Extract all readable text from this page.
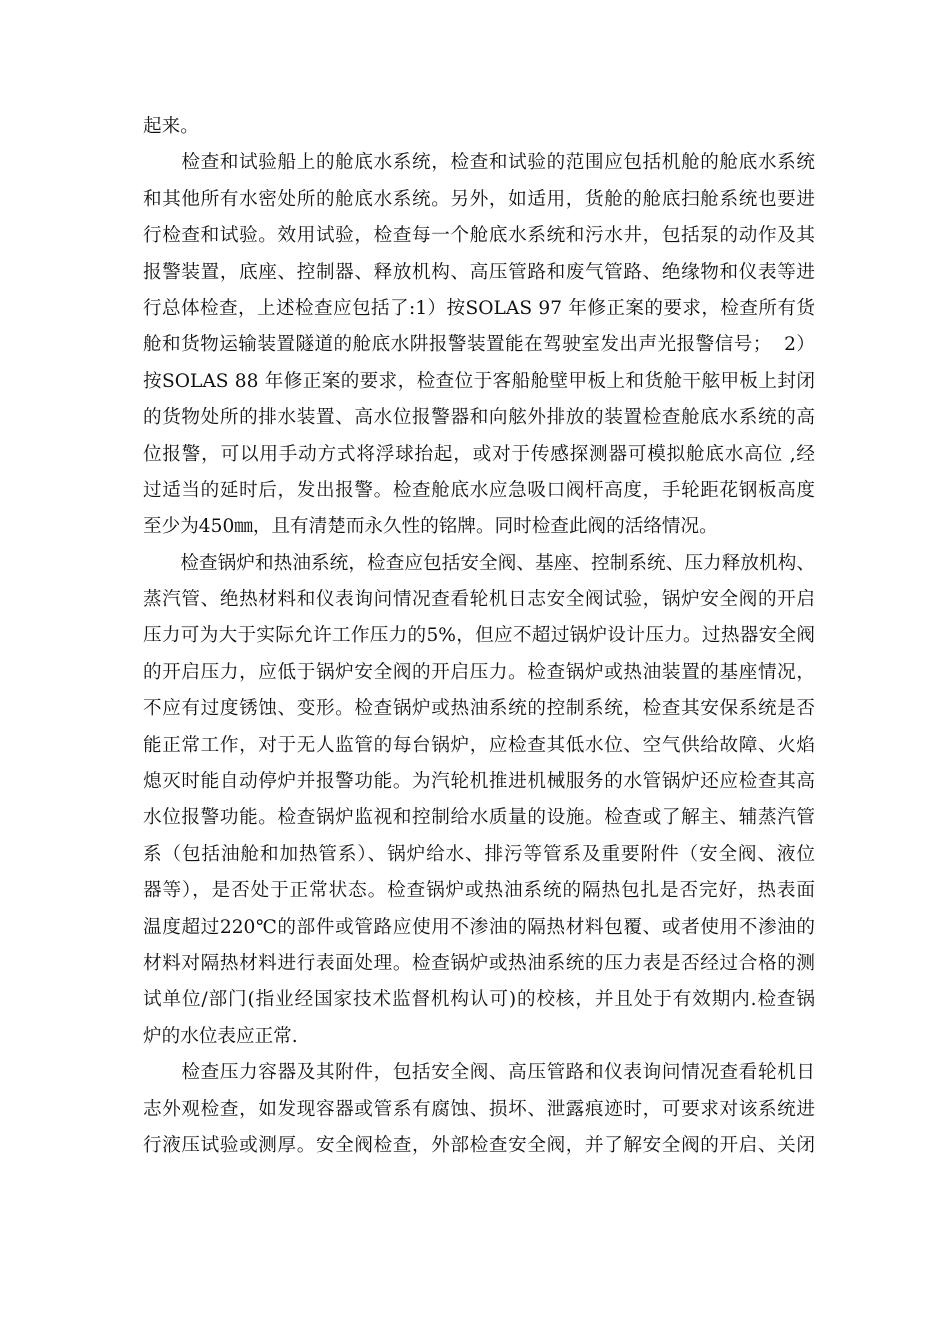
起来。
　　检查和试验船上的舱底水系统，检查和试验的范围应包括机舱的舱底水系统
和其他所有水密处所的舱底水系统。另外，如适用，货舱的舱底扫舱系统也要进
行检查和试验。效用试验，检查每一个舱底水系统和污水井，包括泵的动作及其
报警装置，底座、控制器、释放机构、高压管路和废气管路、绝缘物和仪表等进
行总体检查，上述检查应包括了:1）按SOLAS 97 年修正案的要求，检查所有货
舱和货物运输装置隧道的舱底水阱报警装置能在驾驶室发出声光报警信号；  2）
按SOLAS 88 年修正案的要求，检查位于客船舱壁甲板上和货舱干舷甲板上封闭
的货物处所的排水装置、高水位报警器和向舷外排放的装置检查舱底水系统的高
位报警，可以用手动方式将浮球抬起，或对于传感探测器可模拟舱底水高位 ,经
过适当的延时后，发出报警。检查舱底水应急吸口阀杆高度，手轮距花钢板高度
至少为450㎜，且有清楚而永久性的铭牌。同时检查此阀的活络情况。
　　检查锅炉和热油系统，检查应包括安全阀、基座、控制系统、压力释放机构、
蒸汽管、绝热材料和仪表询问情况查看轮机日志安全阀试验，锅炉安全阀的开启
压力可为大于实际允许工作压力的5%，但应不超过锅炉设计压力。过热器安全阀
的开启压力，应低于锅炉安全阀的开启压力。检查锅炉或热油装置的基座情况，
不应有过度锈蚀、变形。检查锅炉或热油系统的控制系统，检查其安保系统是否
能正常工作，对于无人监管的每台锅炉，应检查其低水位、空气供给故障、火焰
熄灭时能自动停炉并报警功能。为汽轮机推进机械服务的水管锅炉还应检查其高
水位报警功能。检查锅炉监视和控制给水质量的设施。检查或了解主、辅蒸汽管
系（包括油舱和加热管系）、锅炉给水、排污等管系及重要附件（安全阀、液位
器等），是否处于正常状态。检查锅炉或热油系统的隔热包扎是否完好，热表面
温度超过220℃的部件或管路应使用不渗油的隔热材料包覆、或者使用不渗油的
材料对隔热材料进行表面处理。检查锅炉或热油系统的压力表是否经过合格的测
试单位/部门(指业经国家技术监督机构认可)的校核，并且处于有效期内.检查锅
炉的水位表应正常.
　　检查压力容器及其附件，包括安全阀、高压管路和仪表询问情况查看轮机日
志外观检查，如发现容器或管系有腐蚀、损坏、泄露痕迹时，可要求对该系统进
行液压试验或测厚。安全阀检查，外部检查安全阀，并了解安全阀的开启、关闭
